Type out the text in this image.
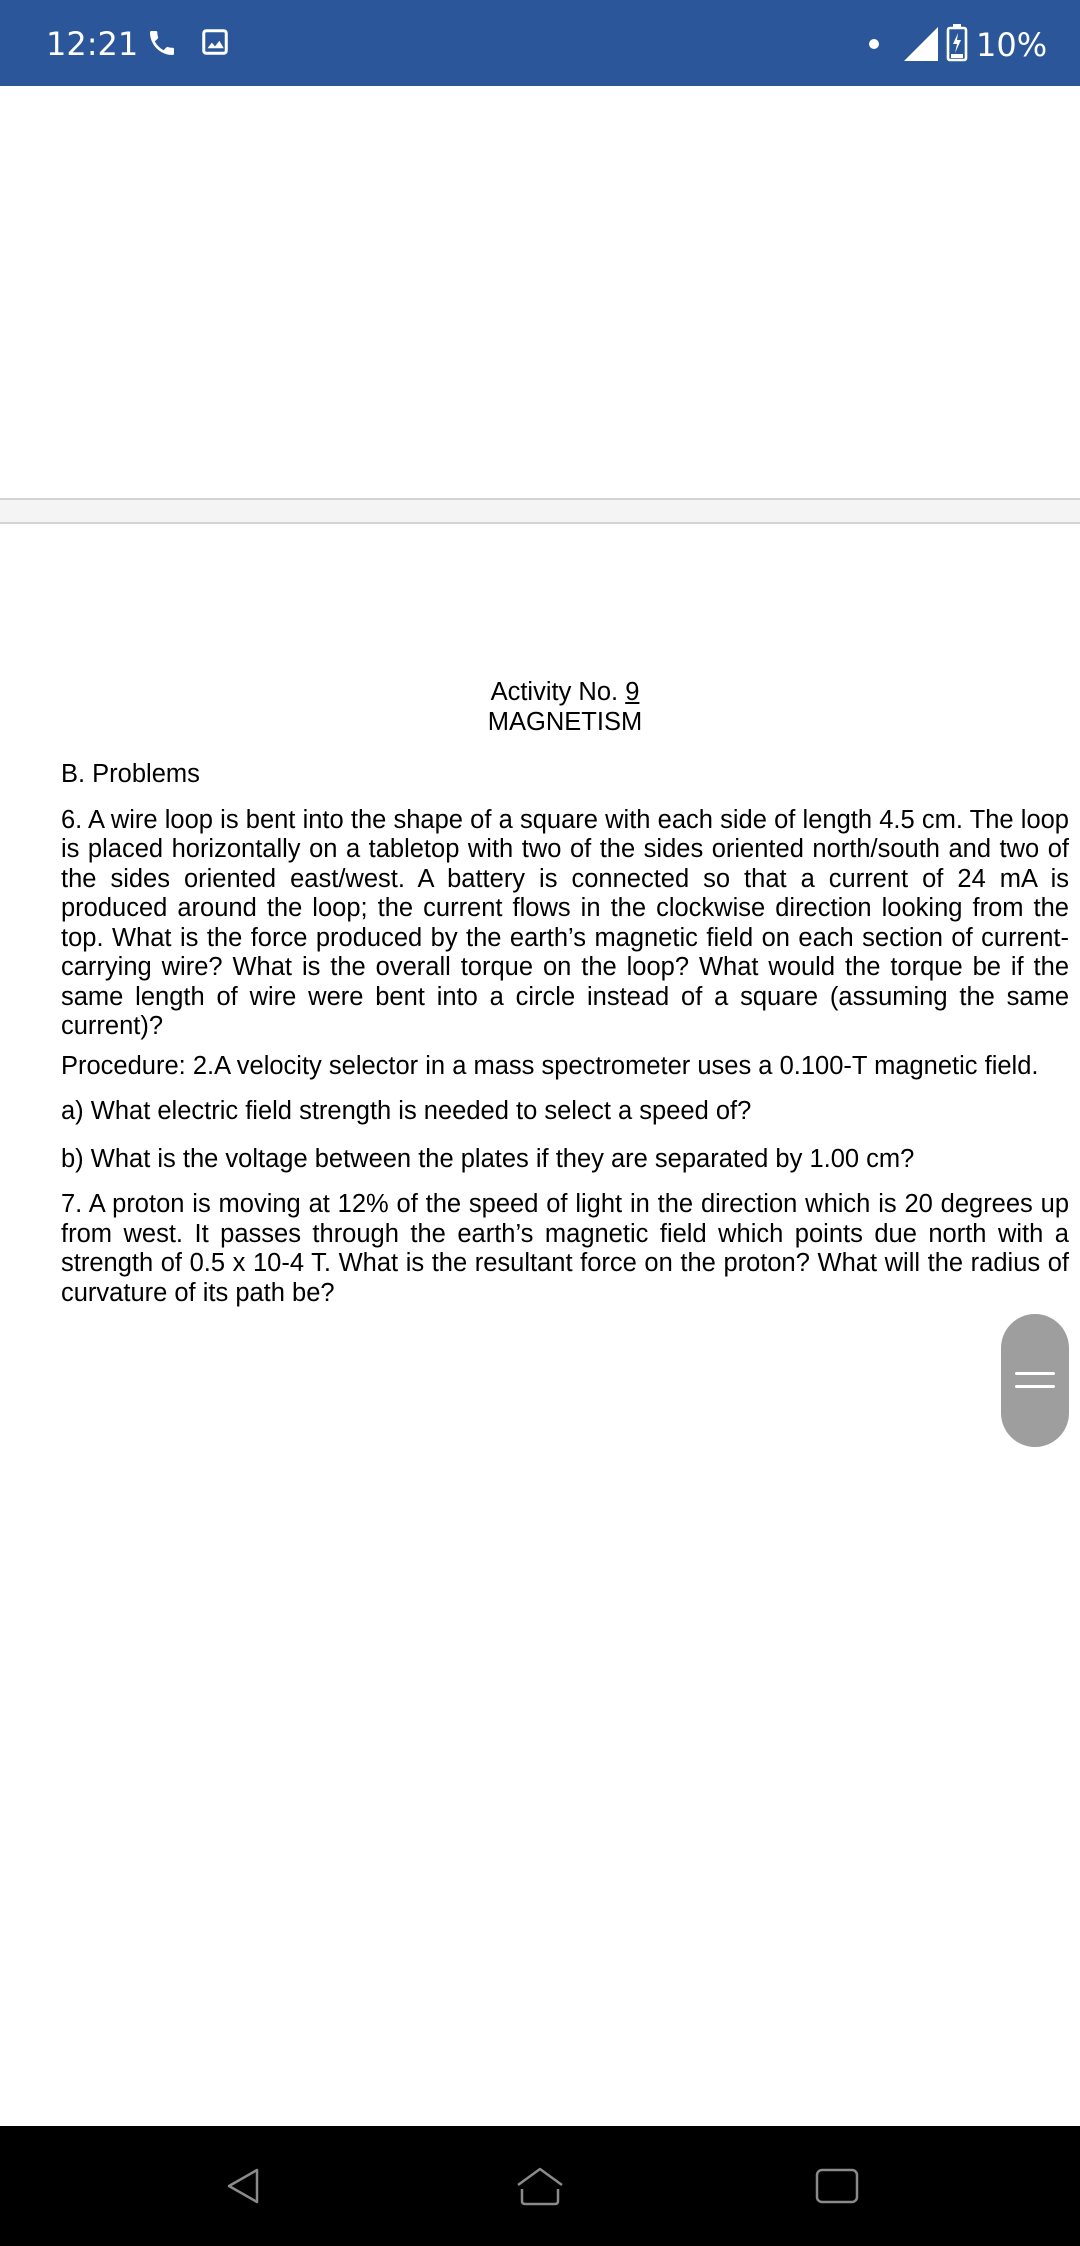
12:21	10%
Activity No. 9
MAGNETISM
B. Problems
6. A wire loop is bent into the shape of a square with each side of length 4.5 cm. The loop is placed horizontally on a tabletop with two of the sides oriented north/south and two of the sides oriented east/west. A battery is connected so that a current of 24 mA is produced around the loop; the current flows in the clockwise direction looking from the top. What is the force produced by the earth’s magnetic field on each section of current-carrying wire? What is the overall torque on the loop? What would the torque be if the same length of wire were bent into a circle instead of a square (assuming the same current)?
Procedure: 2.A velocity selector in a mass spectrometer uses a 0.100-T magnetic field.
a) What electric field strength is needed to select a speed of?
b) What is the voltage between the plates if they are separated by 1.00 cm?
7. A proton is moving at 12% of the speed of light in the direction which is 20 degrees up from west. It passes through the earth’s magnetic field which points due north with a strength of 0.5 x 10-4 T. What is the resultant force on the proton? What will the radius of curvature of its path be?
